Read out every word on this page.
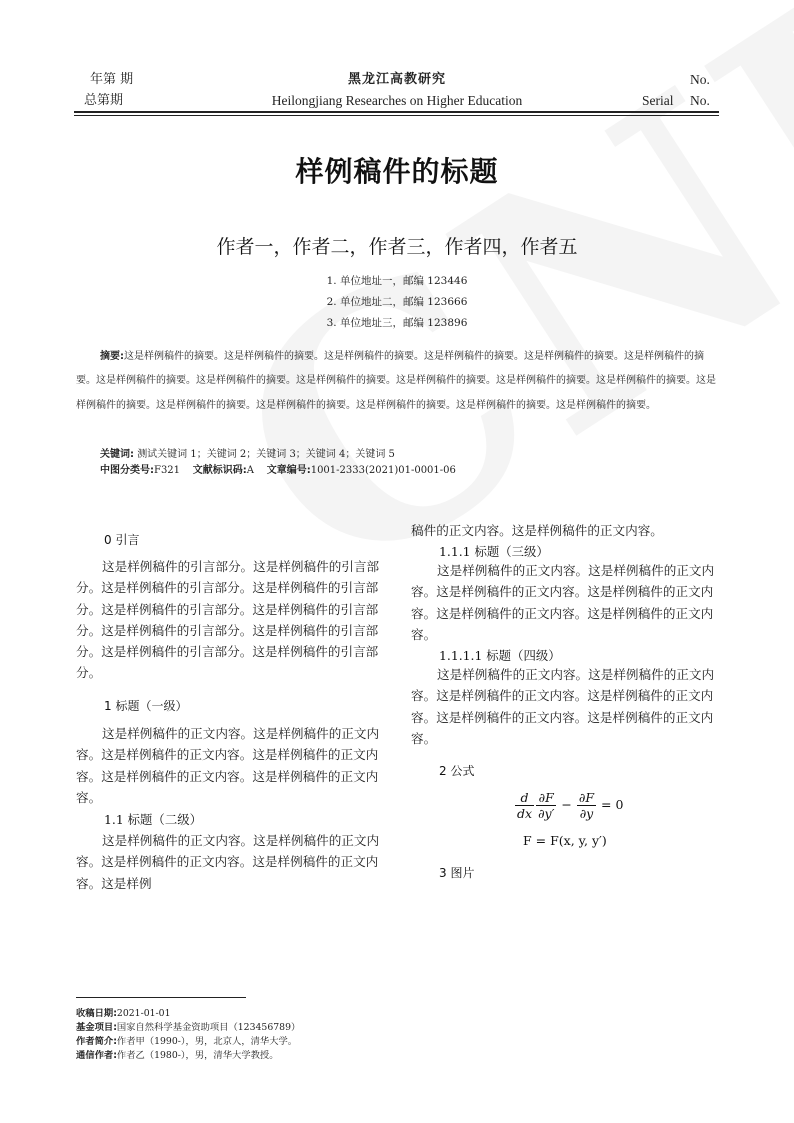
年第 期
总第期
黑龙江高教研究
Heilongjiang Researches on Higher Education
No.
Serial No.
样例稿件的标题
作者一，作者二，作者三，作者四，作者五
1. 单位地址一，邮编 123446
2. 单位地址二，邮编 123666
3. 单位地址三，邮编 123896
摘要:这是样例稿件的摘要。这是样例稿件的摘要。这是样例稿件的摘要。这是样例稿件的摘要。这是样例稿件的摘要。这是样例稿件的摘要。这是样例稿件的摘要。这是样例稿件的摘要。这是样例稿件的摘要。这是样例稿件的摘要。这是样例稿件的摘要。这是样例稿件的摘要。这是样例稿件的摘要。这是样例稿件的摘要。这是样例稿件的摘要。这是样例稿件的摘要。这是样例稿件的摘要。这是样例稿件的摘要。
关键词: 测试关键词 1；关键词 2；关键词 3；关键词 4；关键词 5
中图分类号:F321 文献标识码:A 文章编号:1001-2333(2021)01-0001-06
0 引言
这是样例稿件的引言部分。这是样例稿件的引言部分。这是样例稿件的引言部分。这是样例稿件的引言部分。这是样例稿件的引言部分。这是样例稿件的引言部分。这是样例稿件的引言部分。这是样例稿件的引言部分。这是样例稿件的引言部分。这是样例稿件的引言部分。
1 标题（一级）
这是样例稿件的正文内容。这是样例稿件的正文内容。这是样例稿件的正文内容。这是样例稿件的正文内容。这是样例稿件的正文内容。这是样例稿件的正文内容。
1.1 标题（二级）
这是样例稿件的正文内容。这是样例稿件的正文内容。这是样例稿件的正文内容。这是样例稿件的正文内容。这是样例
稿件的正文内容。这是样例稿件的正文内容。
1.1.1 标题（三级）
这是样例稿件的正文内容。这是样例稿件的正文内容。这是样例稿件的正文内容。这是样例稿件的正文内容。这是样例稿件的正文内容。这是样例稿件的正文内容。
1.1.1.1 标题（四级）
这是样例稿件的正文内容。这是样例稿件的正文内容。这是样例稿件的正文内容。这是样例稿件的正文内容。这是样例稿件的正文内容。这是样例稿件的正文内容。
2 公式
$\frac{d}{dx} \frac{\partial F}{\partial y'} - \frac{\partial F}{\partial y} = 0$
F = F(x, y, y′)
3 图片
收稿日期:2021-01-01
基金项目:国家自然科学基金资助项目（123456789）
作者简介:作者甲（1990-），男，北京人，清华大学。
通信作者:作者乙（1980-），男，清华大学教授。
